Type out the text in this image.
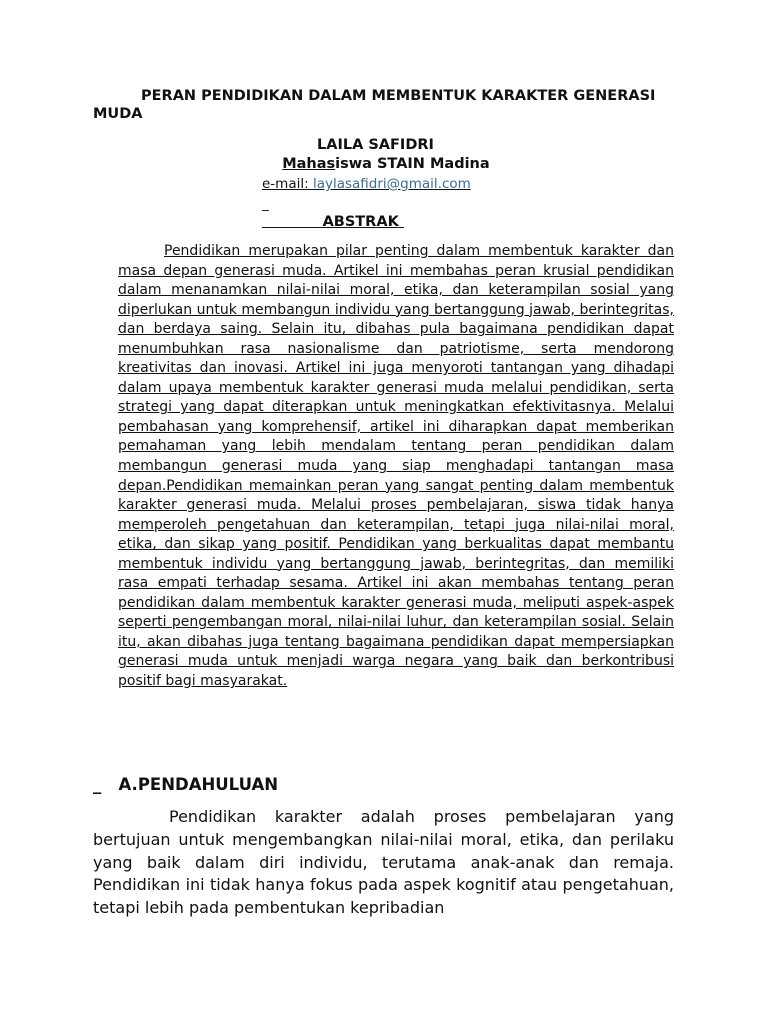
PERAN PENDIDIKAN DALAM MEMBENTUK KARAKTER GENERASI MUDA

LAILA SAFIDRI
Mahasiswa STAIN Madina
e-mail: laylasafidri@gmail.com
_
ABSTRAK

Pendidikan merupakan pilar penting dalam membentuk karakter dan masa depan generasi muda. Artikel ini membahas peran krusial pendidikan dalam menanamkan nilai-nilai moral, etika, dan keterampilan sosial yang diperlukan untuk membangun individu yang bertanggung jawab, berintegritas, dan berdaya saing. Selain itu, dibahas pula bagaimana pendidikan dapat menumbuhkan rasa nasionalisme dan patriotisme, serta mendorong kreativitas dan inovasi. Artikel ini juga menyoroti tantangan yang dihadapi dalam upaya membentuk karakter generasi muda melalui pendidikan, serta strategi yang dapat diterapkan untuk meningkatkan efektivitasnya. Melalui pembahasan yang komprehensif, artikel ini diharapkan dapat memberikan pemahaman yang lebih mendalam tentang peran pendidikan dalam membangun generasi muda yang siap menghadapi tantangan masa depan.Pendidikan memainkan peran yang sangat penting dalam membentuk karakter generasi muda. Melalui proses pembelajaran, siswa tidak hanya memperoleh pengetahuan dan keterampilan, tetapi juga nilai-nilai moral, etika, dan sikap yang positif. Pendidikan yang berkualitas dapat membantu membentuk individu yang bertanggung jawab, berintegritas, dan memiliki rasa empati terhadap sesama. Artikel ini akan membahas tentang peran pendidikan dalam membentuk karakter generasi muda, meliputi aspek-aspek seperti pengembangan moral, nilai-nilai luhur, dan keterampilan sosial. Selain itu, akan dibahas juga tentang bagaimana pendidikan dapat mempersiapkan generasi muda untuk menjadi warga negara yang baik dan berkontribusi positif bagi masyarakat.

_ A.PENDAHULUAN

Pendidikan karakter adalah proses pembelajaran yang bertujuan untuk mengembangkan nilai-nilai moral, etika, dan perilaku yang baik dalam diri individu, terutama anak-anak dan remaja. Pendidikan ini tidak hanya fokus pada aspek kognitif atau pengetahuan, tetapi lebih pada pembentukan kepribadian
